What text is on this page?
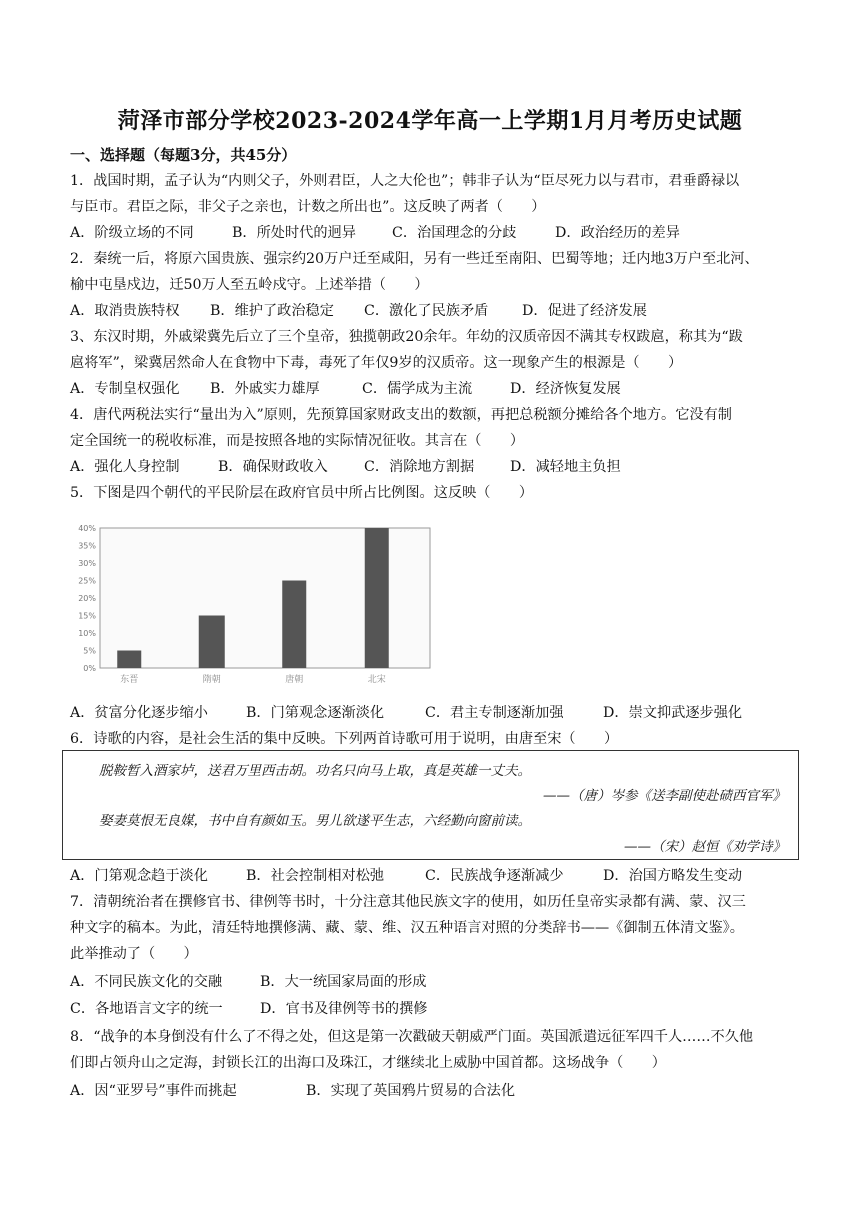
菏泽市部分学校2023-2024学年高一上学期1月月考历史试题
一、选择题（每题3分，共45分）
1．战国时期，孟子认为“内则父子，外则君臣，人之大伦也”；韩非子认为“臣尽死力以与君市，君垂爵禄以
与臣市。君臣之际，非父子之亲也，计数之所出也”。这反映了两者（　　）
A．阶级立场的不同	B．所处时代的迥异	C．治国理念的分歧	D．政治经历的差异
2．秦统一后，将原六国贵族、强宗约20万户迁至咸阳，另有一些迁至南阳、巴蜀等地；迁内地3万户至北河、
榆中屯垦戍边，迁50万人至五岭戍守。上述举措（　　）
A．取消贵族特权 B．维护了政治稳定 C．激化了民族矛盾 D．促进了经济发展
3、东汉时期，外戚梁冀先后立了三个皇帝，独揽朝政20余年。年幼的汉质帝因不满其专权跋扈，称其为“跋
扈将军”，梁冀居然命人在食物中下毒，毒死了年仅9岁的汉质帝。这一现象产生的根源是（　　）
A．专制皇权强化 B．外戚实力雄厚	C．儒学成为主流	D．经济恢复发展
4．唐代两税法实行“量出为入”原则，先预算国家财政支出的数额，再把总税额分摊给各个地方。它没有制
定全国统一的税收标准，而是按照各地的实际情况征收。其言在（　　）
A．强化人身控制	B．确保财政收入	C．消除地方割据	D．减轻地主负担
5．下图是四个朝代的平民阶层在政府官员中所占比例图。这反映（　　）
0%
5%
10%
15%
20%
25%
30%
35%
40%
东晋	隋朝	唐朝	北宋
A．贫富分化逐步缩小	B．门第观念逐渐淡化	C．君主专制逐渐加强	D．崇文抑武逐步强化
6．诗歌的内容，是社会生活的集中反映。下列两首诗歌可用于说明，由唐至宋（　　）
脱鞍暂入酒家垆，送君万里西击胡。功名只向马上取，真是英雄一丈夫。
——（唐）岑参《送李副使赴碛西官军》
娶妻莫恨无良媒，书中自有颜如玉。男儿欲遂平生志，六经勤向窗前读。
——（宋）赵恒《劝学诗》
A．门第观念趋于淡化	B．社会控制相对松弛	C．民族战争逐渐减少	D．治国方略发生变动
7．清朝统治者在撰修官书、律例等书时，十分注意其他民族文字的使用，如历任皇帝实录都有满、蒙、汉三
种文字的稿本。为此，清廷特地撰修满、藏、蒙、维、汉五种语言对照的分类辞书——《御制五体清文鉴》。
此举推动了（　　）
A．不同民族文化的交融	B．大一统国家局面的形成
C．各地语言文字的统一	D．官书及律例等书的撰修
8．“战争的本身倒没有什么了不得之处，但这是第一次戳破天朝威严门面。英国派遣远征军四千人……不久他
们即占领舟山之定海，封锁长江的出海口及珠江，才继续北上威胁中国首都。这场战争（　　）
A．因“亚罗号”事件而挑起	B．实现了英国鸦片贸易的合法化
